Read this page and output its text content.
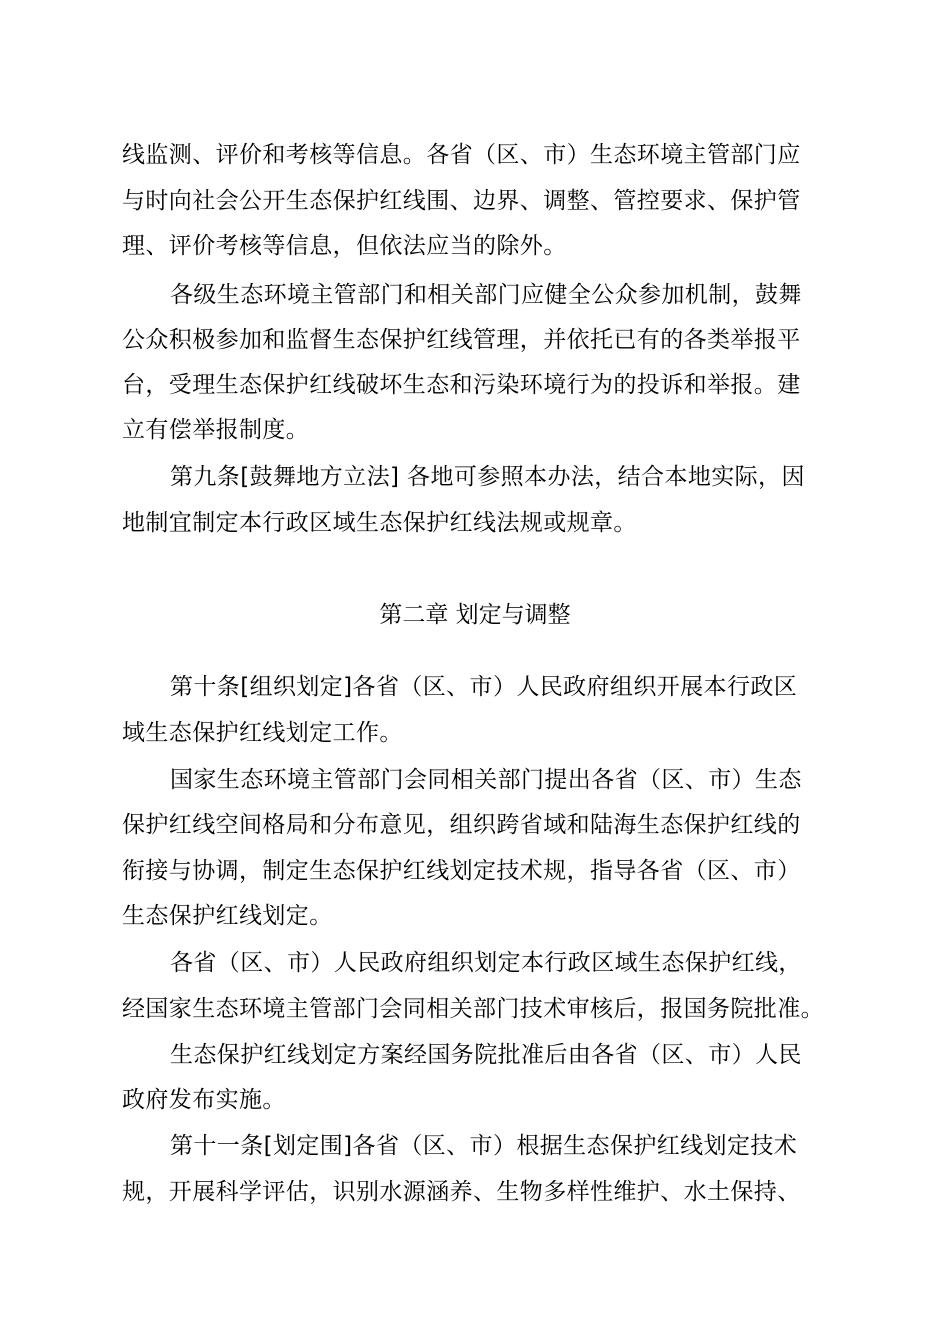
线监测、评价和考核等信息。各省（区、市）生态环境主管部门应
与时向社会公开生态保护红线围、边界、调整、管控要求、保护管
理、评价考核等信息，但依法应当的除外。
各级生态环境主管部门和相关部门应健全公众参加机制，鼓舞
公众积极参加和监督生态保护红线管理，并依托已有的各类举报平
台，受理生态保护红线破坏生态和污染环境行为的投诉和举报。建
立有偿举报制度。
第九条[鼓舞地方立法] 各地可参照本办法，结合本地实际，因
地制宜制定本行政区域生态保护红线法规或规章。
第二章 划定与调整
第十条[组织划定]各省（区、市）人民政府组织开展本行政区
域生态保护红线划定工作。
国家生态环境主管部门会同相关部门提出各省（区、市）生态
保护红线空间格局和分布意见，组织跨省域和陆海生态保护红线的
衔接与协调，制定生态保护红线划定技术规，指导各省（区、市）
生态保护红线划定。
各省（区、市）人民政府组织划定本行政区域生态保护红线，
经国家生态环境主管部门会同相关部门技术审核后，报国务院批准。
生态保护红线划定方案经国务院批准后由各省（区、市）人民
政府发布实施。
第十一条[划定围]各省（区、市）根据生态保护红线划定技术
规，开展科学评估，识别水源涵养、生物多样性维护、水土保持、
